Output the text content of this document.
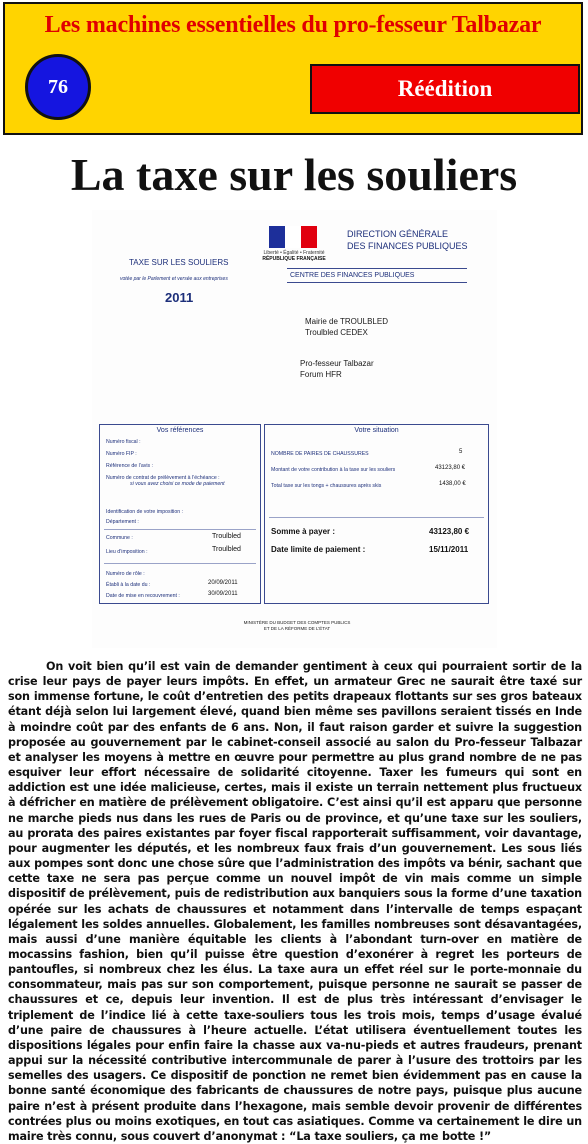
Les machines essentielles du pro-fesseur Talbazar
76	Réédition
La taxe sur les souliers
Liberté • Égalité • Fraternité
RÉPUBLIQUE FRANÇAISE
DIRECTION GÉNÉRALE
DES FINANCES PUBLIQUES
TAXE SUR LES SOULIERS
votée par le Parlement et versée aux entreprises
2011
CENTRE DES FINANCES PUBLIQUES
Mairie de TROULBLED
Troulbled CEDEX
Pro-fesseur Talbazar
Forum HFR
Vos références
Numéro fiscal :
Numéro FIP :
Référence de l’avis :
Numéro de contrat de prélèvement à l’échéance :
si vous avez choisi ce mode de paiement
Identification de votre imposition :
Département :
Commune :	Troulbled
Lieu d’imposition :	Troulbled
Numéro de rôle :
Établi à la date du :	20/09/2011
Date de mise en recouvrement :	30/09/2011
Votre situation
NOMBRE DE PAIRES DE CHAUSSURES	5
Montant de votre contribution à la taxe sur les souliers	43123,80 €
Total taxe sur les tongs + chaussures après skis	1438,00 €
Somme à payer :	43123,80 €
Date limite de paiement :	15/11/2011
MINISTÈRE DU BUDGET DES COMPTES PUBLICS ET DE LA RÉFORME DE L’ÉTAT

On voit bien qu’il est vain de demander gentiment à ceux qui pourraient sortir de la crise leur pays de payer leurs impôts. En effet, un armateur Grec ne saurait être taxé sur son immense fortune, le coût d’entretien des petits drapeaux flottants sur ses gros bateaux étant déjà selon lui largement élevé, quand bien même ses pavillons seraient tissés en Inde à moindre coût par des enfants de 6 ans. Non, il faut raison garder et suivre la suggestion proposée au gouvernement par le cabinet-conseil associé au salon du Pro-fesseur Talbazar et analyser les moyens à mettre en œuvre pour permettre au plus grand nombre de ne pas esquiver leur effort nécessaire de solidarité citoyenne. Taxer les fumeurs qui sont en addiction est une idée malicieuse, certes, mais il existe un terrain nettement plus fructueux à défricher en matière de prélèvement obligatoire. C’est ainsi qu’il est apparu que personne ne marche pieds nus dans les rues de Paris ou de province, et qu’une taxe sur les souliers, au prorata des paires existantes par foyer fiscal rapporterait suffisamment, voir davantage, pour augmenter les députés, et les nombreux faux frais d’un gouvernement. Les sous liés aux pompes sont donc une chose sûre que l’administration des impôts va bénir, sachant que cette taxe ne sera pas perçue comme un nouvel impôt de vin mais comme un simple dispositif de prélèvement, puis de redistribution aux banquiers sous la forme d’une taxation opérée sur les achats de chaussures et notamment dans l’intervalle de temps espaçant légalement les soldes annuelles. Globalement, les familles nombreuses sont désavantagées, mais aussi d’une manière équitable les clients à l’abondant turn-over en matière de mocassins fashion, bien qu’il puisse être question d’exonérer à regret les porteurs de pantoufles, si nombreux chez les élus. La taxe aura un effet réel sur le porte-monnaie du consommateur, mais pas sur son comportement, puisque personne ne saurait se passer de chaussures et ce, depuis leur invention. Il est de plus très intéressant d’envisager le triplement de l’indice lié à cette taxe-souliers tous les trois mois, temps d’usage évalué d’une paire de chaussures à l’heure actuelle. L’état utilisera éventuellement toutes les dispositions légales pour enfin faire la chasse aux va-nu-pieds et autres fraudeurs, prenant appui sur la nécessité contributive intercommunale de parer à l’usure des trottoirs par les semelles des usagers. Ce dispositif de ponction ne remet bien évidemment pas en cause la bonne santé économique des fabricants de chaussures de notre pays, puisque plus aucune paire n’est à présent produite dans l’hexagone, mais semble devoir provenir de différentes contrées plus ou moins exotiques, en tout cas asiatiques. Comme va certainement le dire un maire très connu, sous couvert d’anonymat : “La taxe souliers, ça me botte !”
